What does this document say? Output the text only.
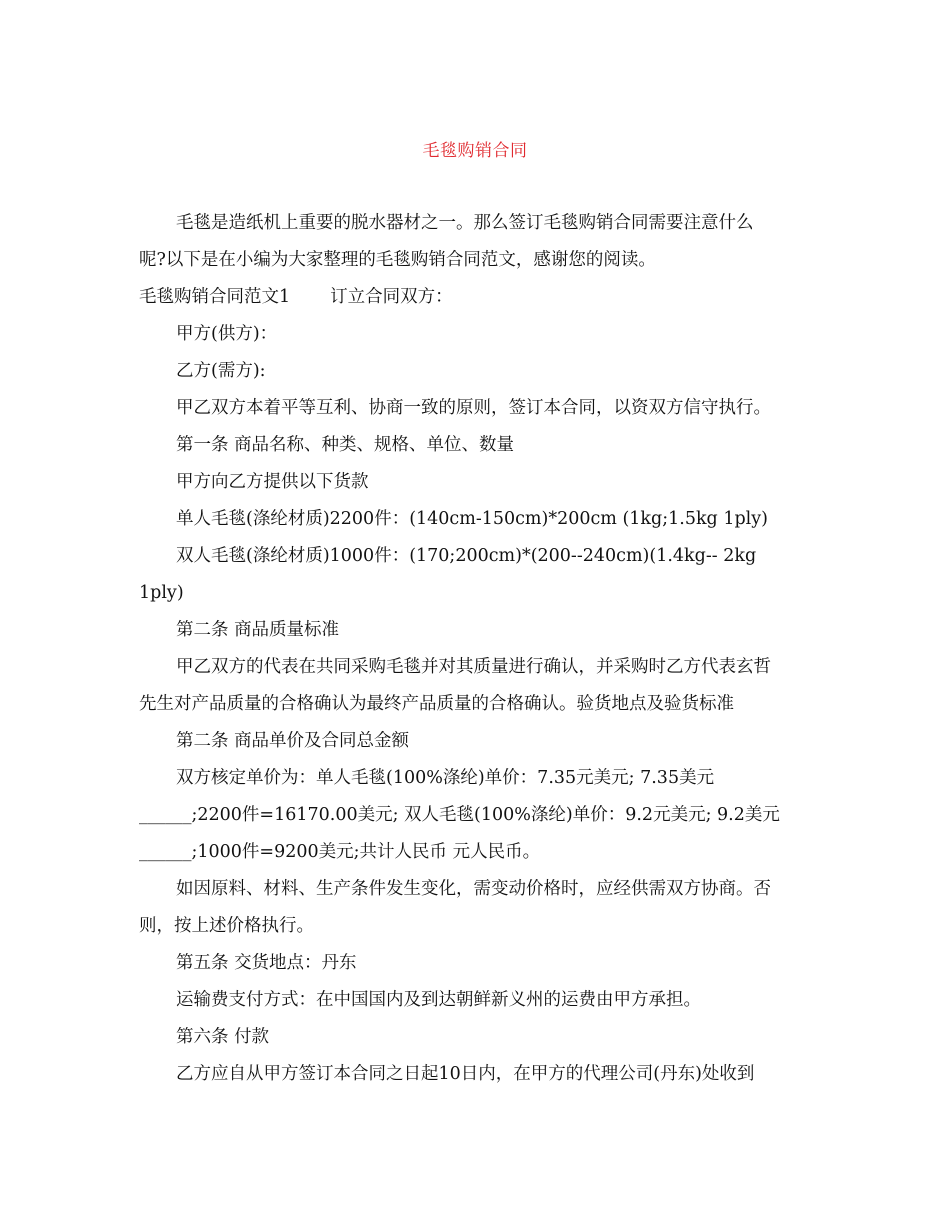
毛毯购销合同

毛毯是造纸机上重要的脱水器材之一。那么签订毛毯购销合同需要注意什么

呢?以下是在小编为大家整理的毛毯购销合同范文，感谢您的阅读。

毛毯购销合同范文1 订立合同双方：

甲方(供方)：

乙方(需方):

甲乙双方本着平等互利、协商一致的原则，签订本合同，以资双方信守执行。

第一条 商品名称、种类、规格、单位、数量

甲方向乙方提供以下货款

单人毛毯(涤纶材质)2200件：(140cm-150cm)*200cm (1kg;1.5kg 1ply)

双人毛毯(涤纶材质)1000件：(170;200cm)*(200--240cm)(1.4kg-- 2kg

1ply)

第二条 商品质量标准

甲乙双方的代表在共同采购毛毯并对其质量进行确认，并采购时乙方代表玄哲

先生对产品质量的合格确认为最终产品质量的合格确认。验货地点及验货标准

第二条 商品单价及合同总金额

双方核定单价为：单人毛毯(100%涤纶)单价：7.35元美元; 7.35美元

______;2200件=16170.00美元; 双人毛毯(100%涤纶)单价：9.2元美元; 9.2美元

______;1000件=9200美元;共计人民币 元人民币。

如因原料、材料、生产条件发生变化，需变动价格时，应经供需双方协商。否

则，按上述价格执行。

第五条 交货地点：丹东

运输费支付方式：在中国国内及到达朝鲜新义州的运费由甲方承担。

第六条 付款

乙方应自从甲方签订本合同之日起10日内，在甲方的代理公司(丹东)处收到
